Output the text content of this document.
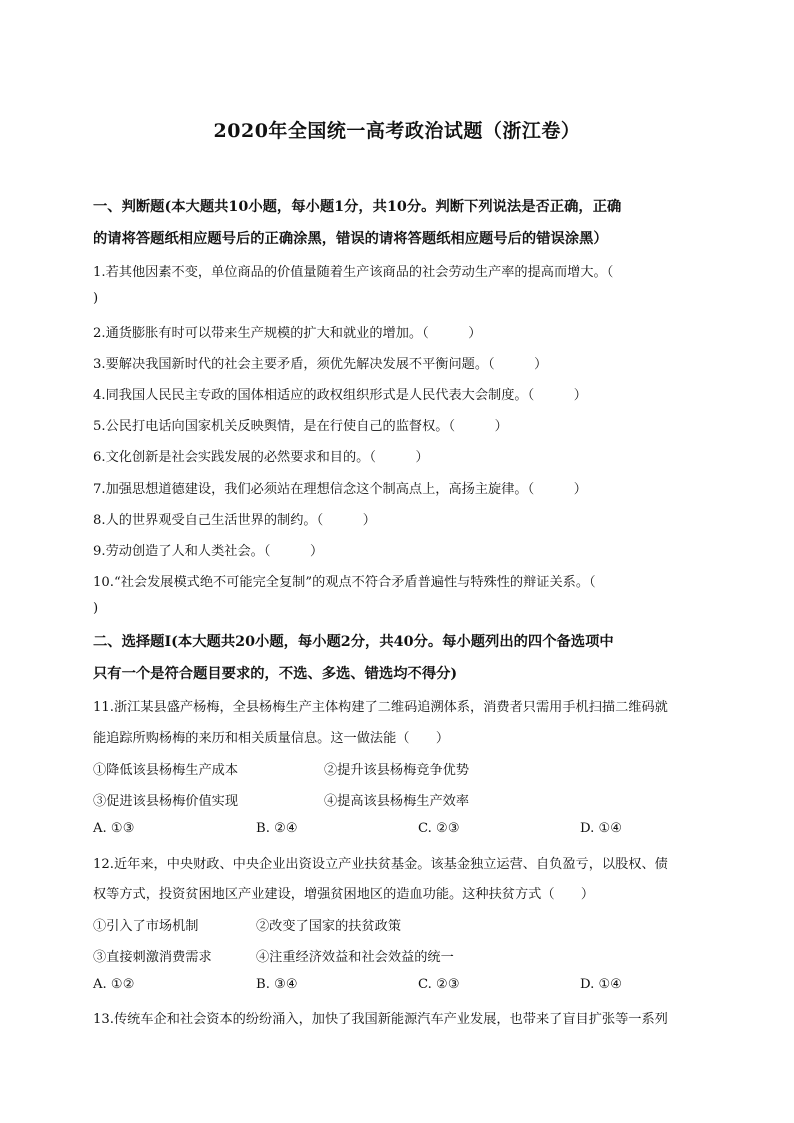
2020年全国统一高考政治试题（浙江卷）
一、判断题(本大题共10小题，每小题1分，共10分。判断下列说法是否正确，正确
的请将答题纸相应题号后的正确涂黑，错误的请将答题纸相应题号后的错误涂黑）
1.若其他因素不变，单位商品的价值量随着生产该商品的社会劳动生产率的提高而增大。（
)
2.通货膨胀有时可以带来生产规模的扩大和就业的增加。（　　　）
3.要解决我国新时代的社会主要矛盾，须优先解决发展不平衡问题。（　　　）
4.同我国人民民主专政的国体相适应的政权组织形式是人民代表大会制度。（　　　）
5.公民打电话向国家机关反映舆情，是在行使自己的监督权。（　　　）
6.文化创新是社会实践发展的必然要求和目的。（　　　）
7.加强思想道德建设，我们必须站在理想信念这个制高点上，高扬主旋律。（　　　）
8.人的世界观受自己生活世界的制约。（　　　）
9.劳动创造了人和人类社会。（　　　）
10.“社会发展模式绝不可能完全复制”的观点不符合矛盾普遍性与特殊性的辩证关系。（
)
二、选择题Ⅰ(本大题共20小题，每小题2分，共40分。每小题列出的四个备选项中
只有一个是符合题目要求的，不选、多选、错选均不得分)
11.浙江某县盛产杨梅，全县杨梅生产主体构建了二维码追溯体系，消费者只需用手机扫描二维码就
能追踪所购杨梅的来历和相关质量信息。这一做法能（　　）
①降低该县杨梅生产成本	②提升该县杨梅竞争优势
③促进该县杨梅价值实现	④提高该县杨梅生产效率
A. ①③	B. ②④	C. ②③	D. ①④
12.近年来，中央财政、中央企业出资设立产业扶贫基金。该基金独立运营、自负盈亏，以股权、债
权等方式，投资贫困地区产业建设，增强贫困地区的造血功能。这种扶贫方式（　　）
①引入了市场机制	②改变了国家的扶贫政策
③直接刺激消费需求	④注重经济效益和社会效益的统一
A. ①②	B. ③④	C. ②③	D. ①④
13.传统车企和社会资本的纷纷涌入，加快了我国新能源汽车产业发展，也带来了盲目扩张等一系列
